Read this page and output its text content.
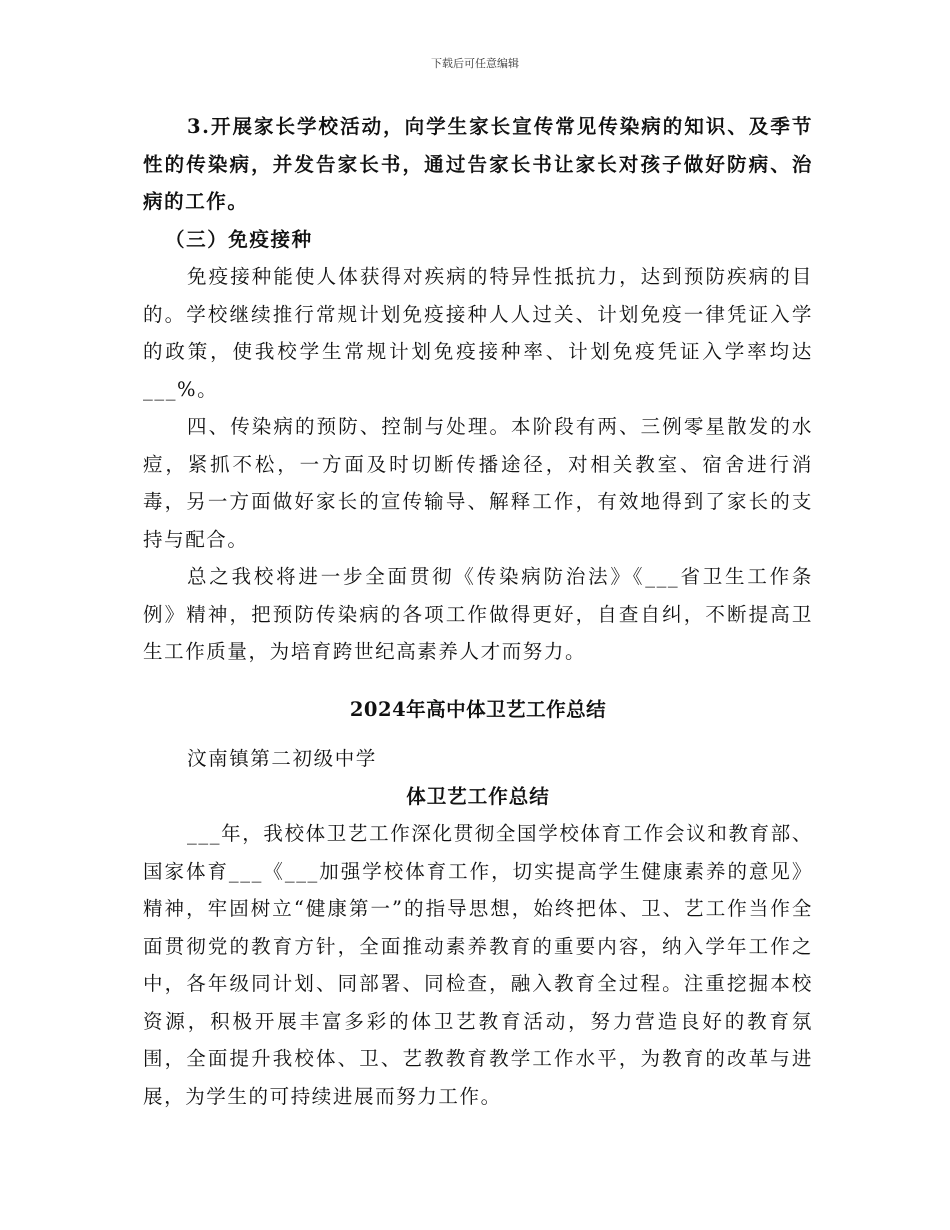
下载后可任意编辑

3.开展家长学校活动，向学生家长宣传常见传染病的知识、及季节性的传染病，并发告家长书，通过告家长书让家长对孩子做好防病、治病的工作。

（三）免疫接种

免疫接种能使人体获得对疾病的特异性抵抗力，达到预防疾病的目的。学校继续推行常规计划免疫接种人人过关、计划免疫一律凭证入学的政策，使我校学生常规计划免疫接种率、计划免疫凭证入学率均达___%。

四、传染病的预防、控制与处理。本阶段有两、三例零星散发的水痘，紧抓不松，一方面及时切断传播途径，对相关教室、宿舍进行消毒，另一方面做好家长的宣传输导、解释工作，有效地得到了家长的支持与配合。

总之我校将进一步全面贯彻《传染病防治法》《___省卫生工作条例》精神，把预防传染病的各项工作做得更好，自查自纠，不断提高卫生工作质量，为培育跨世纪高素养人才而努力。

2024年高中体卫艺工作总结

汶南镇第二初级中学

体卫艺工作总结

___年，我校体卫艺工作深化贯彻全国学校体育工作会议和教育部、国家体育___《___加强学校体育工作，切实提高学生健康素养的意见》精神，牢固树立“健康第一”的指导思想，始终把体、卫、艺工作当作全面贯彻党的教育方针，全面推动素养教育的重要内容，纳入学年工作之中，各年级同计划、同部署、同检查，融入教育全过程。注重挖掘本校资源，积极开展丰富多彩的体卫艺教育活动，努力营造良好的教育氛围，全面提升我校体、卫、艺教教育教学工作水平，为教育的改革与进展，为学生的可持续进展而努力工作。
